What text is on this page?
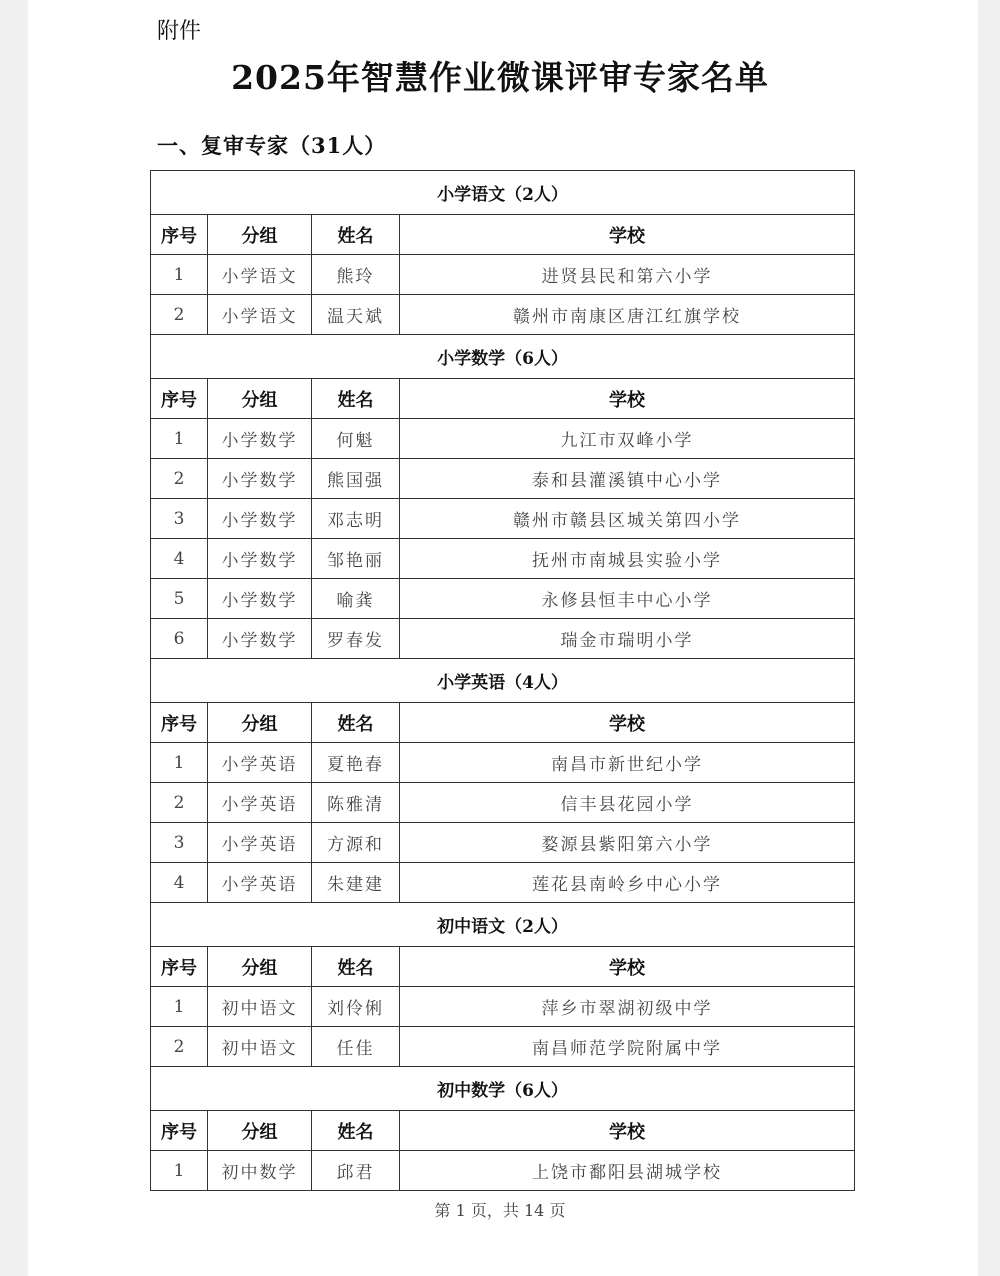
附件
2025年智慧作业微课评审专家名单
一、复审专家（31人）
小学语文（2人）			
序号	分组	姓名	学校
1	小学语文	熊玲	进贤县民和第六小学
2	小学语文	温天斌	赣州市南康区唐江红旗学校
小学数学（6人）			
序号	分组	姓名	学校
1	小学数学	何魁	九江市双峰小学
2	小学数学	熊国强	泰和县灌溪镇中心小学
3	小学数学	邓志明	赣州市赣县区城关第四小学
4	小学数学	邹艳丽	抚州市南城县实验小学
5	小学数学	喻龚	永修县恒丰中心小学
6	小学数学	罗春发	瑞金市瑞明小学
小学英语（4人）			
序号	分组	姓名	学校
1	小学英语	夏艳春	南昌市新世纪小学
2	小学英语	陈雅清	信丰县花园小学
3	小学英语	方源和	婺源县紫阳第六小学
4	小学英语	朱建建	莲花县南岭乡中心小学
初中语文（2人）			
序号	分组	姓名	学校
1	初中语文	刘伶俐	萍乡市翠湖初级中学
2	初中语文	任佳	南昌师范学院附属中学
初中数学（6人）			
序号	分组	姓名	学校
1	初中数学	邱君	上饶市鄱阳县湖城学校
第 1 页，共 14 页
